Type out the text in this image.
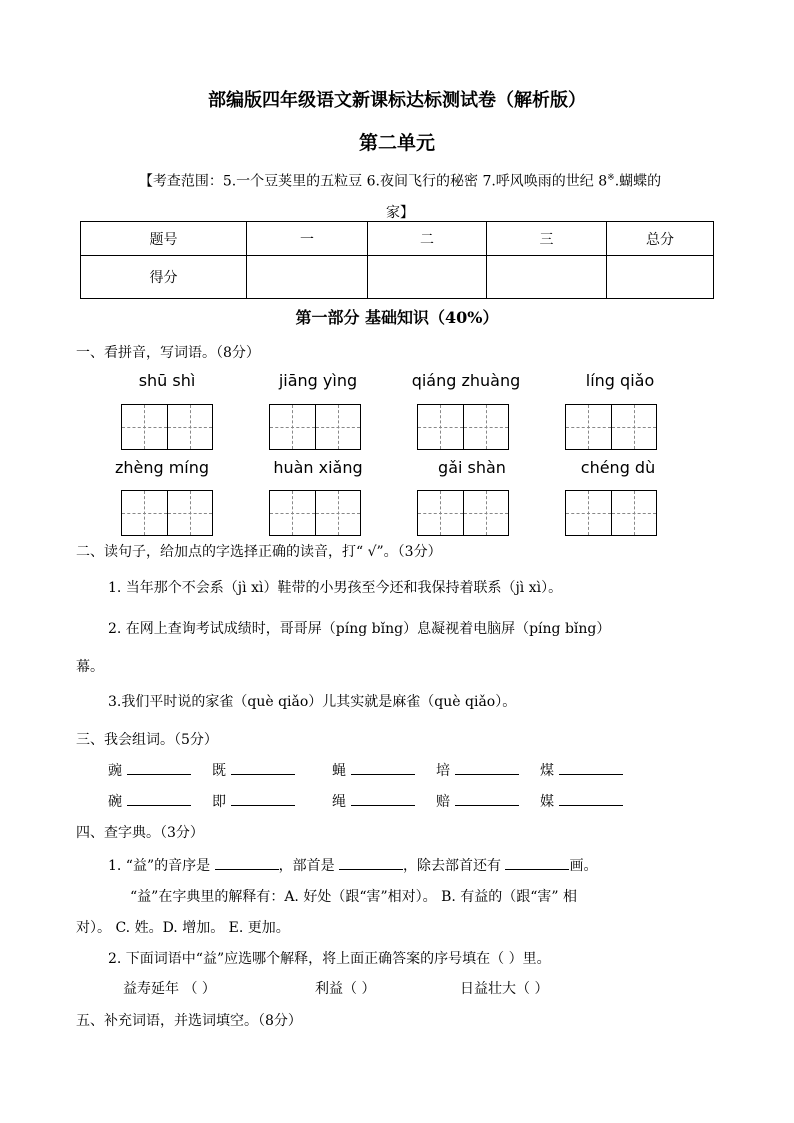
部编版四年级语文新课标达标测试卷（解析版）
第二单元
【考查范围：5.一个豆荚里的五粒豆 6.夜间飞行的秘密 7.呼风唤雨的世纪 8※.蝴蝶的
家】
题号	一	二	三	总分
得分				
第一部分 基础知识（40%）
一、看拼音，写词语。（8分）
shū shì	jiāng yìng	qiáng zhuàng	líng qiǎo
zhèng míng	huàn xiǎng	gǎi shàn	chéng dù
二、读句子，给加点的字选择正确的读音，打“ √”。（3分）
1. 当年那个不会系（jì xì）鞋带的小男孩至今还和我保持着联系（jì xì）。
2. 在网上查询考试成绩时，哥哥屏（píng bǐng）息凝视着电脑屏（píng bǐng）
幕。
3.我们平时说的家雀（què qiǎo）儿其实就是麻雀（què qiǎo）。
三、我会组词。（5分）
豌	既	蝇	培	煤
碗	即	绳	赔	媒
四、查字典。（3分）
1. “益”的音序是	，部首是	，除去部首还有	画。
“益”在字典里的解释有：A. 好处（跟“害”相对）。 B. 有益的（跟“害” 相
对）。 C. 姓。D. 增加。 E. 更加。
2. 下面词语中“益”应选哪个解释，将上面正确答案的序号填在（ ）里。
益寿延年 （ ）	利益（ ）	日益壮大（ ）
五、补充词语，并选词填空。（8分）
